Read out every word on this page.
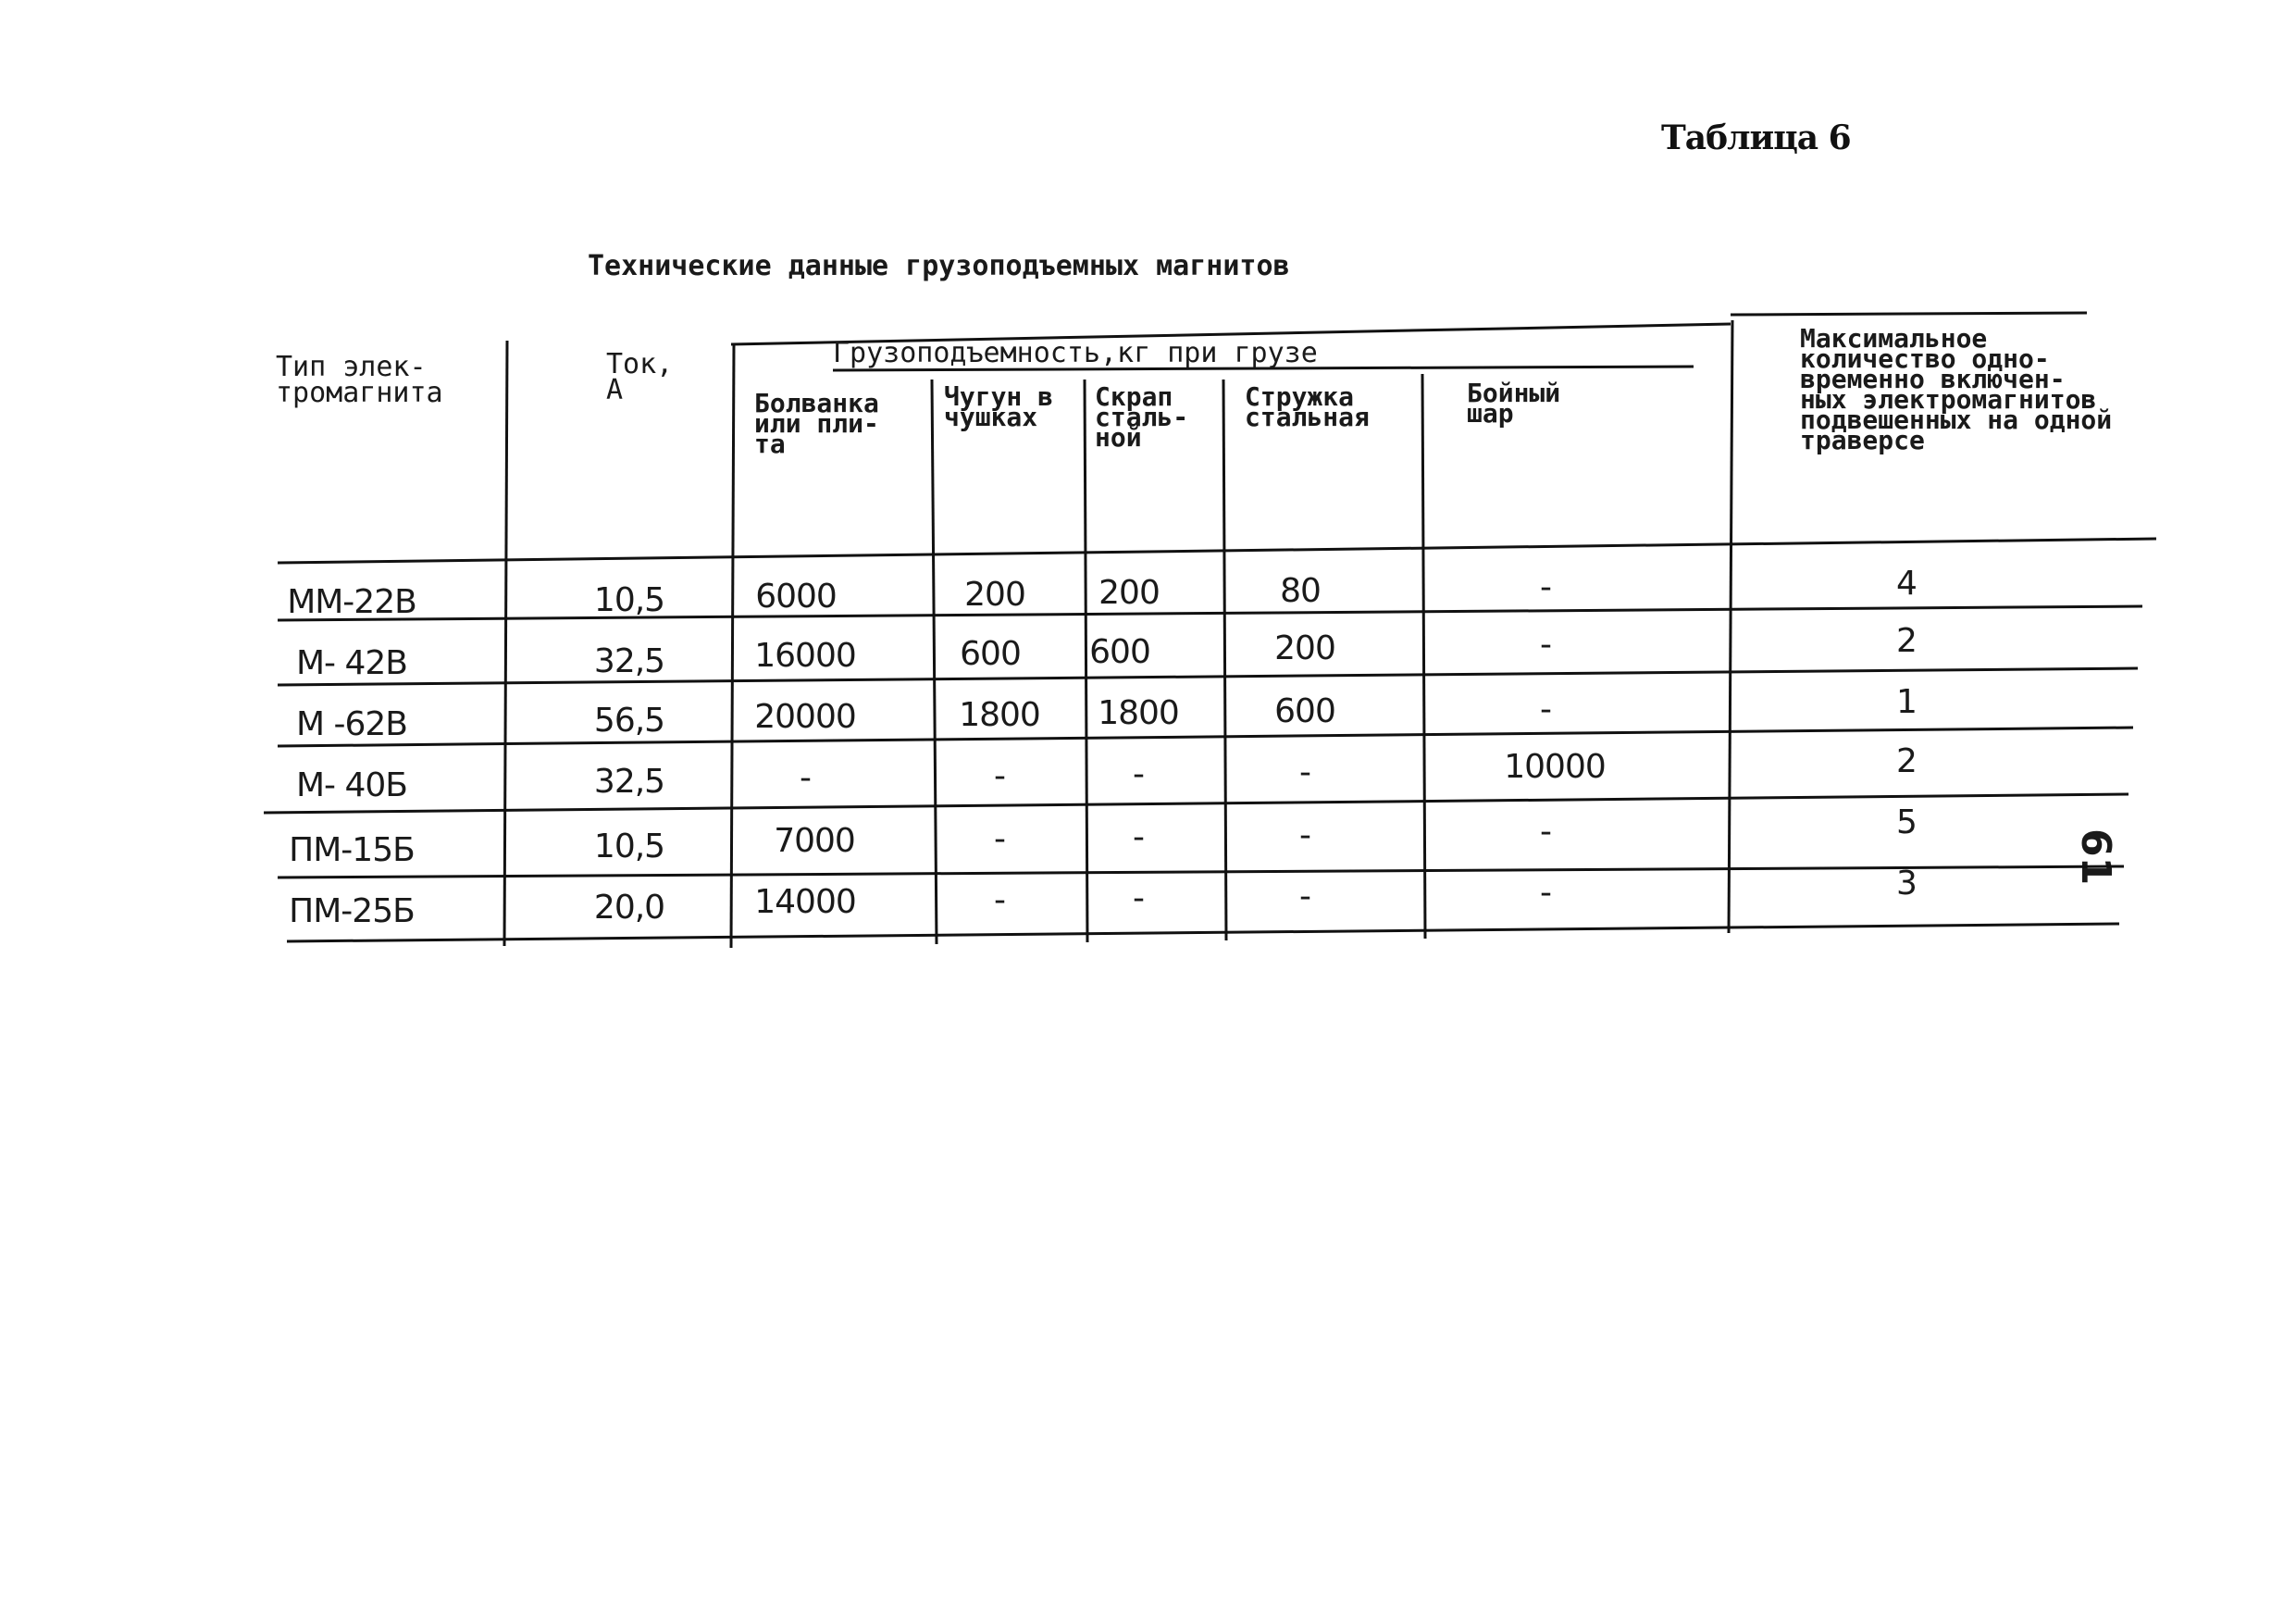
Таблица 6
Технические данные грузоподъемных магнитов
61
Тип элек-
тромагнита
Ток,
А
Грузоподъемность,кг при грузе
Болванка
или пли-
та
Чугун в
чушках
Скрап
сталь-
ной
Стружка
стальная
Бойный
шар
Максимальное
количество одно-
временно включен-
ных электромагнитов
подвешенных на одной
траверсе
ММ-22В	10,5	6000	200	200	80	-	4
М- 42В	32,5	16000	600	600	200	-	2
М -62В	56,5	20000	1800	1800	600	-	1
М- 40Б	32,5	-	-	-	-	10000	2
ПМ-15Б	10,5	7000	-	-	-	-	5
ПМ-25Б	20,0	14000	-	-	-	-	3
